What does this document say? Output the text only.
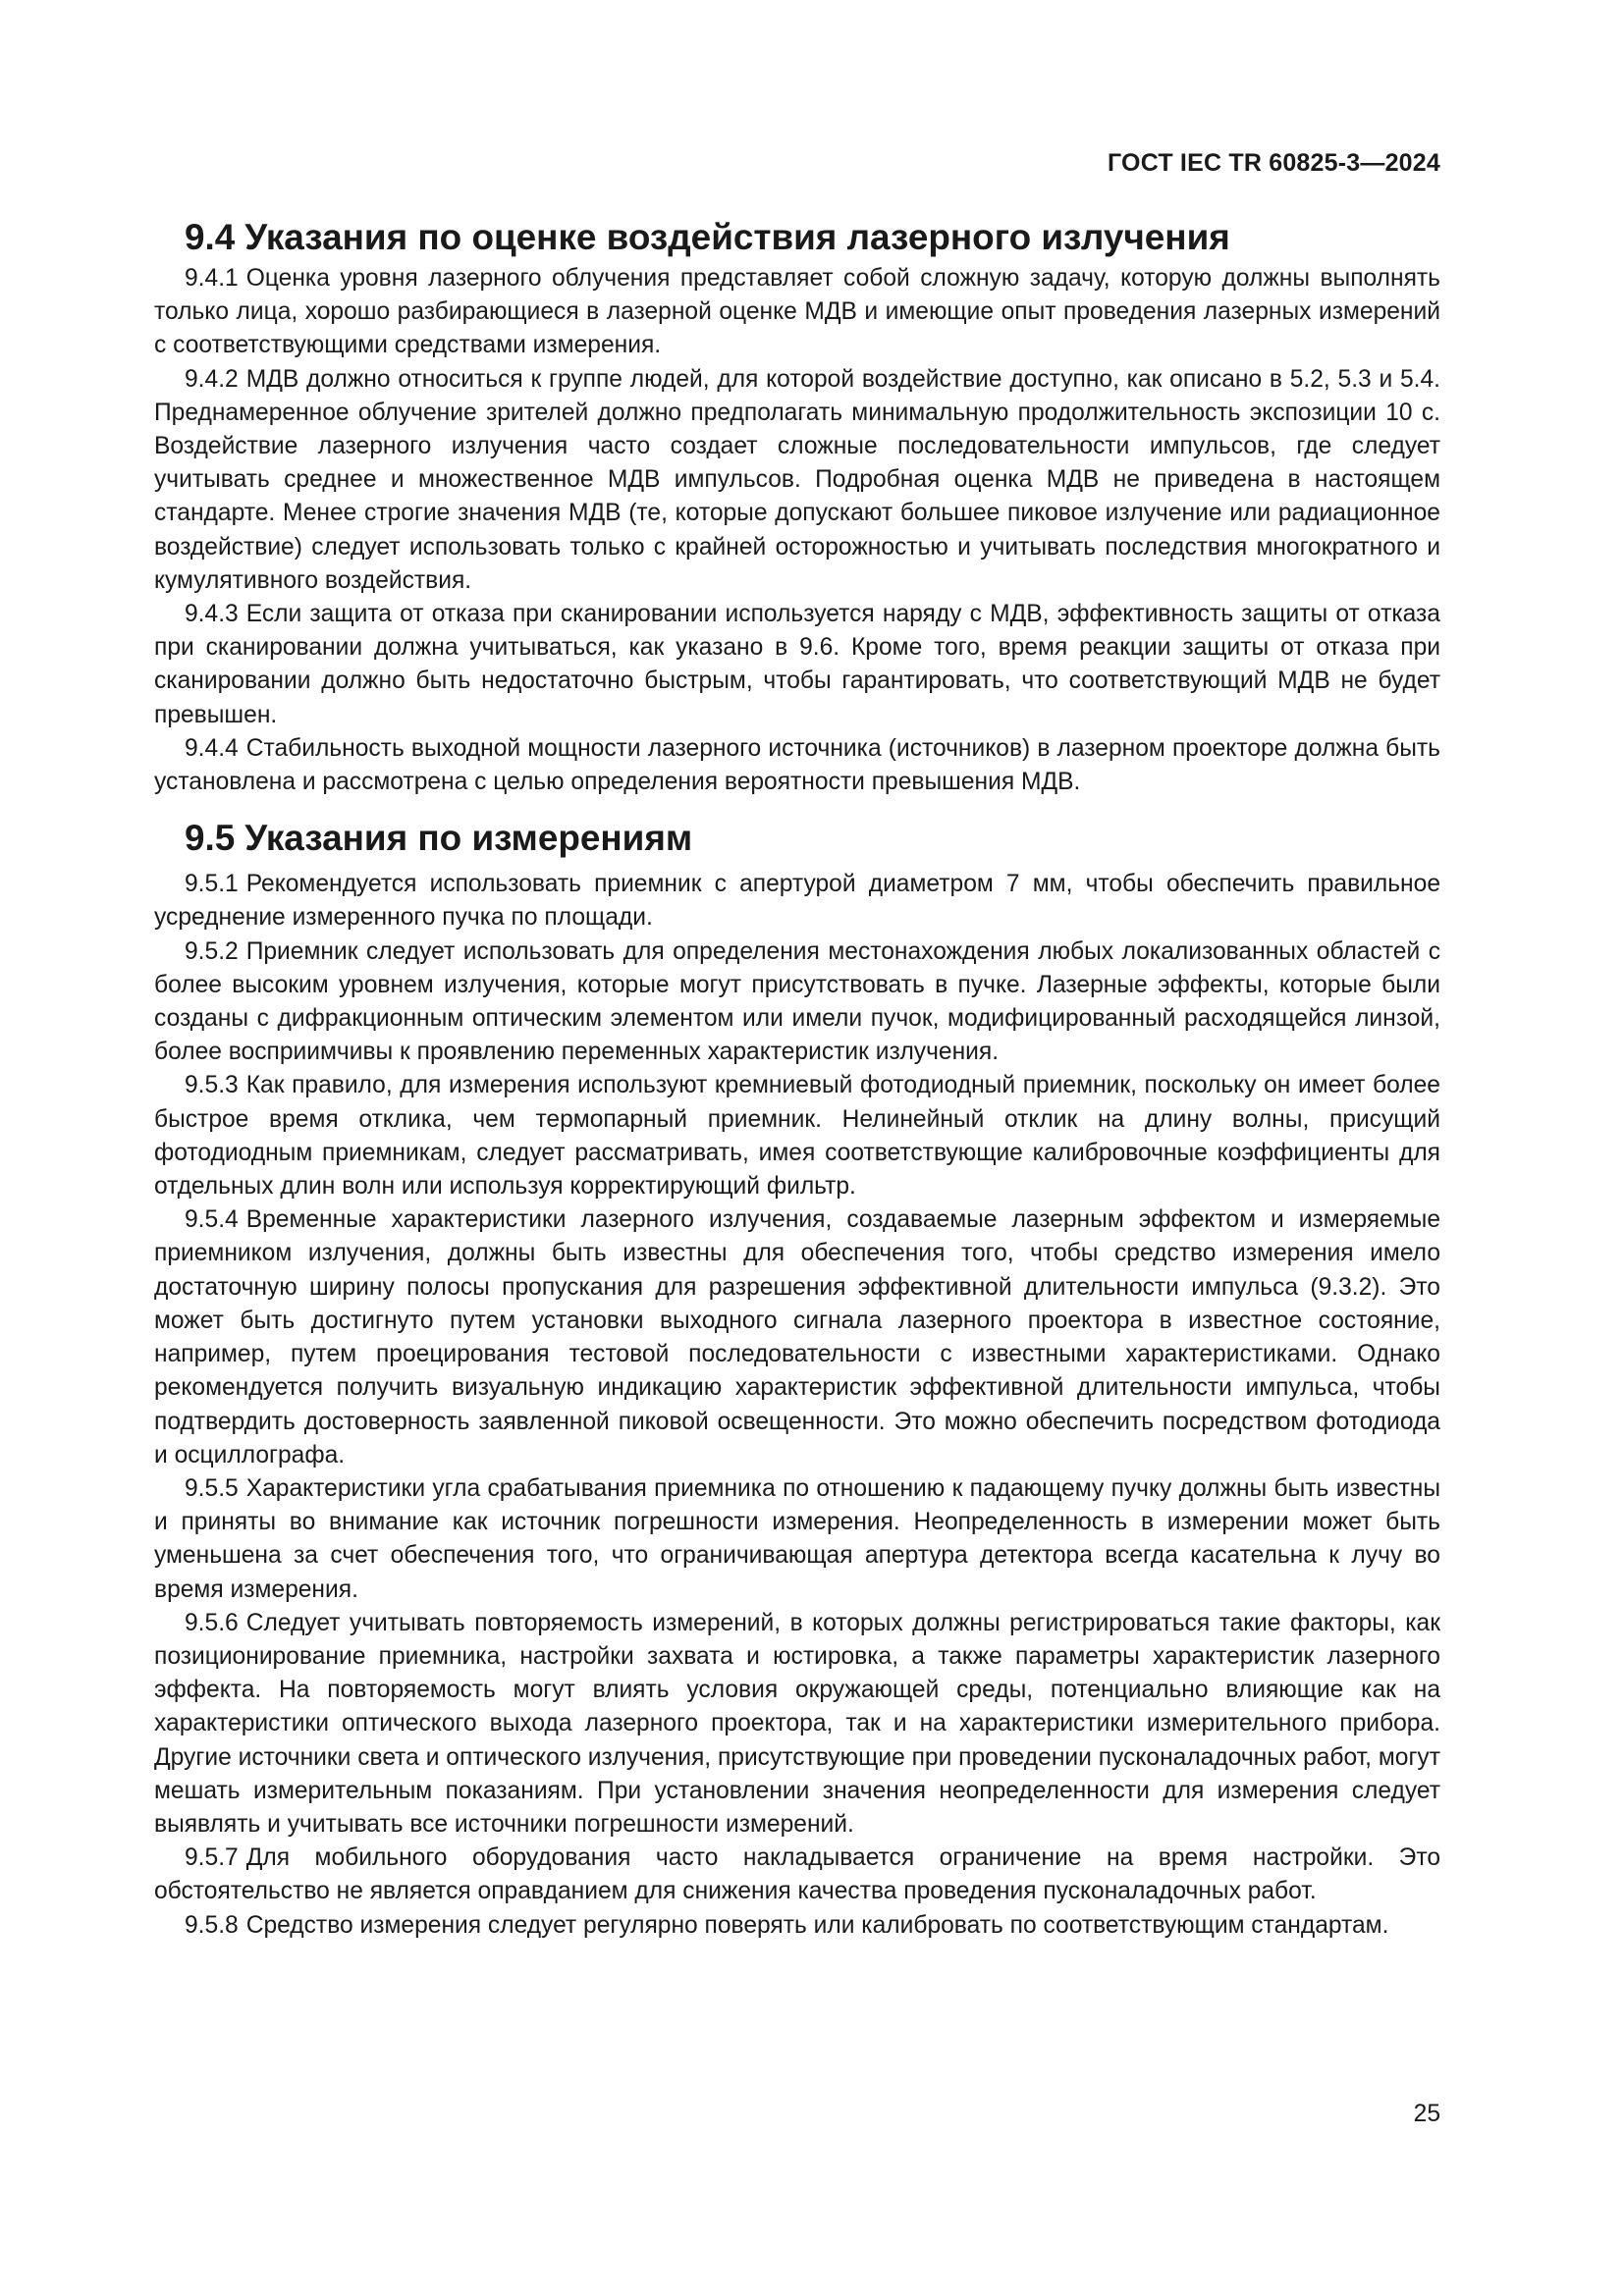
ГОСТ IEC TR 60825-3—2024
9.4 Указания по оценке воздействия лазерного излучения

9.4.1 Оценка уровня лазерного облучения представляет собой сложную задачу, которую должны выполнять только лица, хорошо разбирающиеся в лазерной оценке МДВ и имеющие опыт проведения лазерных измерений с соответствующими средствами измерения.

9.4.2 МДВ должно относиться к группе людей, для которой воздействие доступно, как описано в 5.2, 5.3 и 5.4. Преднамеренное облучение зрителей должно предполагать минимальную продолжительность экспозиции 10 с. Воздействие лазерного излучения часто создает сложные последовательности импульсов, где следует учитывать среднее и множественное МДВ импульсов. Подробная оценка МДВ не приведена в настоящем стандарте. Менее строгие значения МДВ (те, которые допускают большее пиковое излучение или радиационное воздействие) следует использовать только с крайней осторожностью и учитывать последствия многократного и кумулятивного воздействия.

9.4.3 Если защита от отказа при сканировании используется наряду с МДВ, эффективность защиты от отказа при сканировании должна учитываться, как указано в 9.6. Кроме того, время реакции защиты от отказа при сканировании должно быть недостаточно быстрым, чтобы гарантировать, что соответствующий МДВ не будет превышен.

9.4.4 Стабильность выходной мощности лазерного источника (источников) в лазерном проекторе должна быть установлена и рассмотрена с целью определения вероятности превышения МДВ.

9.5 Указания по измерениям

9.5.1 Рекомендуется использовать приемник с апертурой диаметром 7 мм, чтобы обеспечить правильное усреднение измеренного пучка по площади.

9.5.2 Приемник следует использовать для определения местонахождения любых локализованных областей с более высоким уровнем излучения, которые могут присутствовать в пучке. Лазерные эффекты, которые были созданы с дифракционным оптическим элементом или имели пучок, модифицированный расходящейся линзой, более восприимчивы к проявлению переменных характеристик излучения.

9.5.3 Как правило, для измерения используют кремниевый фотодиодный приемник, поскольку он имеет более быстрое время отклика, чем термопарный приемник. Нелинейный отклик на длину волны, присущий фотодиодным приемникам, следует рассматривать, имея соответствующие калибровочные коэффициенты для отдельных длин волн или используя корректирующий фильтр.

9.5.4 Временные характеристики лазерного излучения, создаваемые лазерным эффектом и измеряемые приемником излучения, должны быть известны для обеспечения того, чтобы средство измерения имело достаточную ширину полосы пропускания для разрешения эффективной длительности импульса (9.3.2). Это может быть достигнуто путем установки выходного сигнала лазерного проектора в известное состояние, например, путем проецирования тестовой последовательности с известными характеристиками. Однако рекомендуется получить визуальную индикацию характеристик эффективной длительности импульса, чтобы подтвердить достоверность заявленной пиковой освещенности. Это можно обеспечить посредством фотодиода и осциллографа.

9.5.5 Характеристики угла срабатывания приемника по отношению к падающему пучку должны быть известны и приняты во внимание как источник погрешности измерения. Неопределенность в измерении может быть уменьшена за счет обеспечения того, что ограничивающая апертура детектора всегда касательна к лучу во время измерения.

9.5.6 Следует учитывать повторяемость измерений, в которых должны регистрироваться такие факторы, как позиционирование приемника, настройки захвата и юстировка, а также параметры характеристик лазерного эффекта. На повторяемость могут влиять условия окружающей среды, потенциально влияющие как на характеристики оптического выхода лазерного проектора, так и на характеристики измерительного прибора. Другие источники света и оптического излучения, присутствующие при проведении пусконаладочных работ, могут мешать измерительным показаниям. При установлении значения неопределенности для измерения следует выявлять и учитывать все источники погрешности измерений.

9.5.7 Для мобильного оборудования часто накладывается ограничение на время настройки. Это обстоятельство не является оправданием для снижения качества проведения пусконаладочных работ.

9.5.8 Средство измерения следует регулярно поверять или калибровать по соответствующим стандартам.

25
